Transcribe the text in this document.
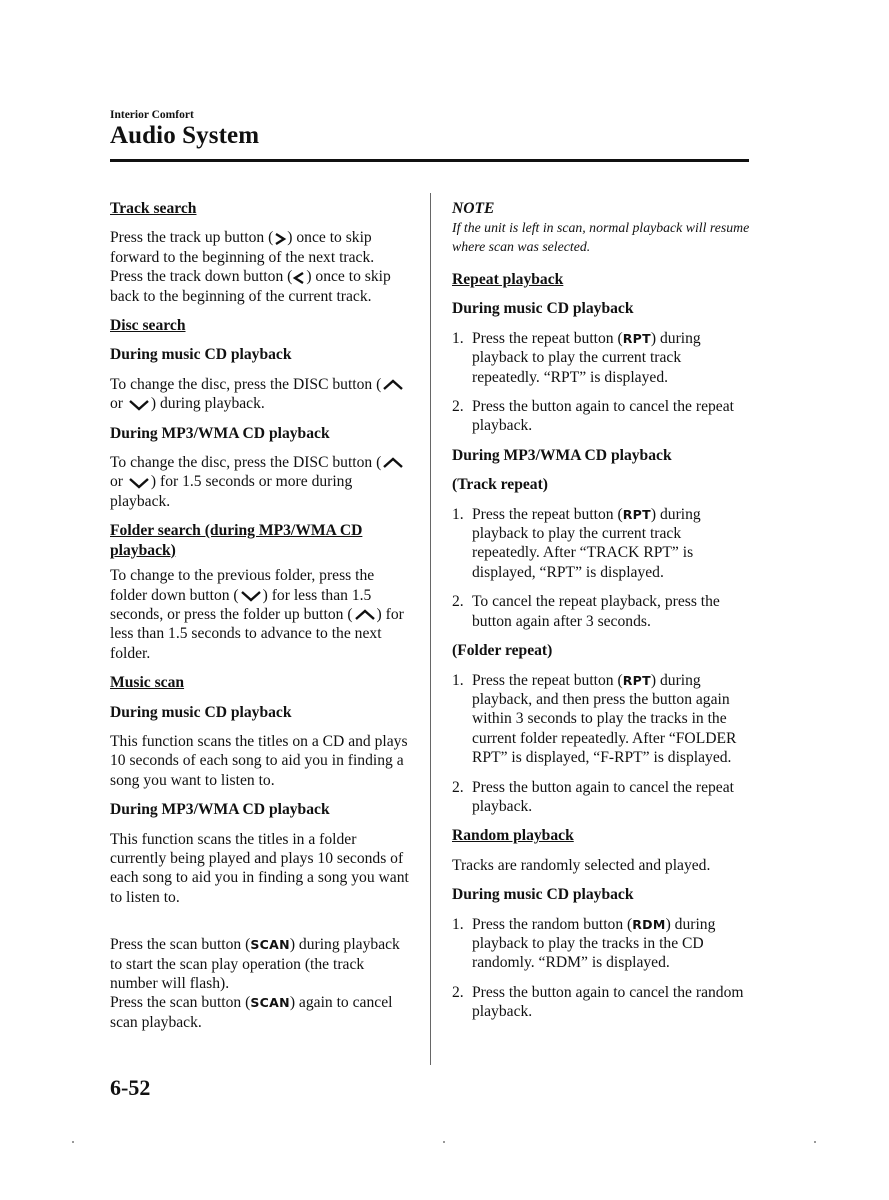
Interior Comfort
Audio System
Track search
Press the track up button ( ) once to skip forward to the beginning of the next track.
Press the track down button ( ) once to skip back to the beginning of the current track.
Disc search
During music CD playback
To change the disc, press the DISC button ( or ) during playback.
During MP3/WMA CD playback
To change the disc, press the DISC button ( or ) for 1.5 seconds or more during playback.
Folder search (during MP3/WMA CD playback)
To change to the previous folder, press the folder down button ( ) for less than 1.5 seconds, or press the folder up button ( ) for less than 1.5 seconds to advance to the next folder.
Music scan
During music CD playback
This function scans the titles on a CD and plays 10 seconds of each song to aid you in finding a song you want to listen to.
During MP3/WMA CD playback
This function scans the titles in a folder currently being played and plays 10 seconds of each song to aid you in finding a song you want to listen to.
Press the scan button (SCAN) during playback to start the scan play operation (the track number will flash).
Press the scan button (SCAN) again to cancel scan playback.
NOTE
If the unit is left in scan, normal playback will resume where scan was selected.
Repeat playback
During music CD playback
1. Press the repeat button (RPT) during playback to play the current track repeatedly. “RPT” is displayed.
2. Press the button again to cancel the repeat playback.
During MP3/WMA CD playback
(Track repeat)
1. Press the repeat button (RPT) during playback to play the current track repeatedly. After “TRACK RPT” is displayed, “RPT” is displayed.
2. To cancel the repeat playback, press the button again after 3 seconds.
(Folder repeat)
1. Press the repeat button (RPT) during playback, and then press the button again within 3 seconds to play the tracks in the current folder repeatedly. After “FOLDER RPT” is displayed, “F-RPT” is displayed.
2. Press the button again to cancel the repeat playback.
Random playback
Tracks are randomly selected and played.
During music CD playback
1. Press the random button (RDM) during playback to play the tracks in the CD randomly. “RDM” is displayed.
2. Press the button again to cancel the random playback.
6-52
